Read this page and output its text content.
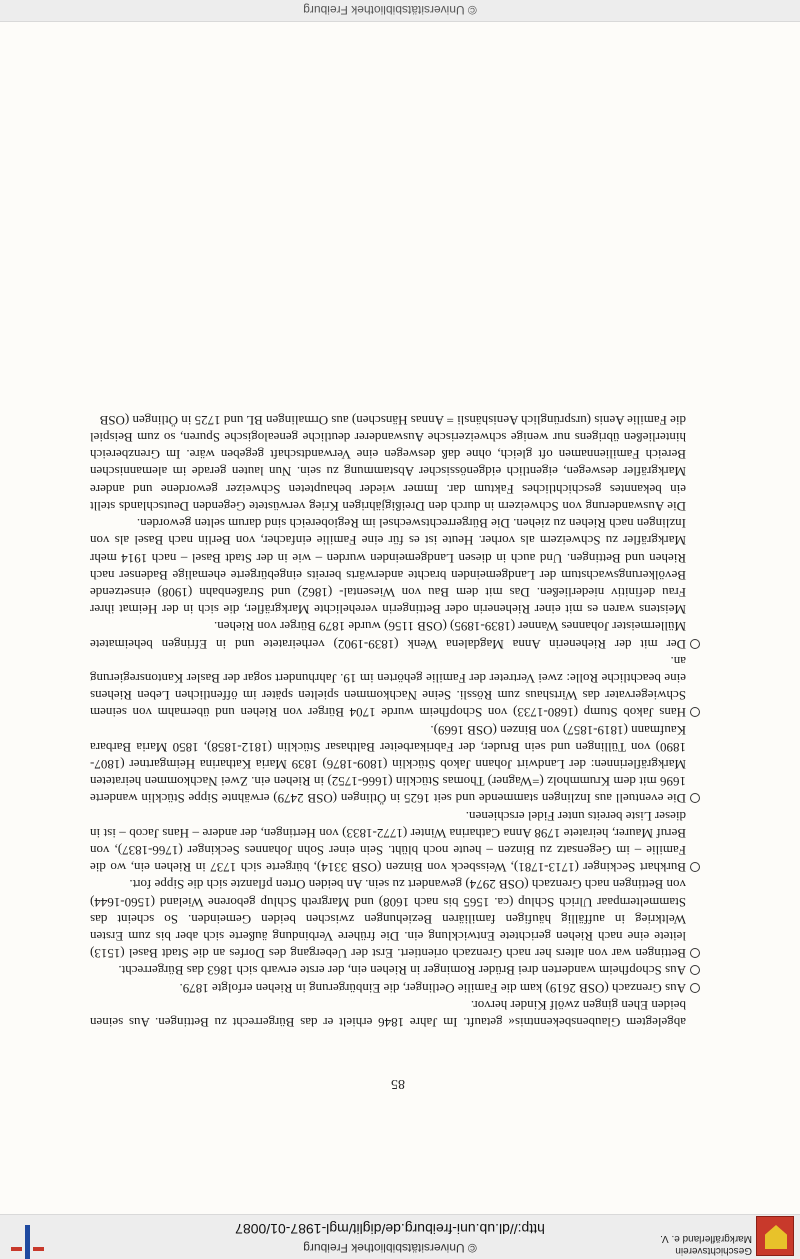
Geschichtsverein Markgräflerland e. V.
© Universitätsbibliothek Freiburg
http://dl.ub.uni-freiburg.de/diglit/mgl-1987-01/0087
85

abgelegtem Glaubensbekenntnis« getauft. Im Jahre 1846 erhielt er das Bürgerrecht zu Bettingen. Aus seinen beiden Ehen gingen zwölf Kinder hervor.

Aus Grenzach (OSB 2619) kam die Familie Oetlinger, die Einbürgerung in Riehen erfolgte 1879.

Aus Schopfheim wanderten drei Brüder Rominger in Riehen ein, der erste erwarb sich 1863 das Bürgerrecht.

Bettingen war von alters her nach Grenzach orientiert. Erst der Uebergang des Dorfes an die Stadt Basel (1513) leitete eine nach Riehen gerichtete Entwicklung ein. Die frühere Verbindung äußerte sich aber bis zum Ersten Weltkrieg in auffällig häufigen familiären Beziehungen zwischen beiden Gemeinden. So scheint das Stammelternpaar Ulrich Schlup (ca. 1565 bis nach 1608) und Margreth Schlup geborene Wieland (1560-1644) von Bettingen nach Grenzach (OSB 2974) gewandert zu sein. An beiden Orten pflanzte sich die Sippe fort.

Burkhart Seckinger (1713-1781), Weissbeck von Binzen (OSB 3314), bürgerte sich 1737 in Riehen ein, wo die Familie – im Gegensatz zu Binzen – heute noch blüht. Sein einer Sohn Johannes Seckinger (1766-1837), von Beruf Maurer, heiratete 1798 Anna Catharina Winter (1772-1833) von Hertingen, der andere – Hans Jacob – ist in dieser Liste bereits unter Fidel erschienen.

Die eventuell aus Inzlingen stammende und seit 1625 in Ötlingen (OSB 2479) erwähnte Sippe Stücklin wanderte 1696 mit dem Krummholz (=Wagner) Thomas Stücklin (1666-1752) in Riehen ein. Zwei Nachkommen heirateten Markgräflerinnen: der Landwirt Johann Jakob Stücklin (1809-1876) 1839 Maria Katharina Heimgartner (1807-1890) von Tüllingen und sein Bruder, der Fabrikarbeiter Balthasar Stücklin (1812-1858), 1850 Maria Barbara Kaufmann (1819-1857) von Binzen (OSB 1669).

Hans Jakob Stump (1680-1733) von Schopfheim wurde 1704 Bürger von Riehen und übernahm von seinem Schwiegervater das Wirtshaus zum Rössli. Seine Nachkommen spielten später im öffentlichen Leben Riehens eine beachtliche Rolle: zwei Vertreter der Familie gehörten im 19. Jahrhundert sogar der Basler Kantonsregierung an.

Der mit der Riehenerin Anna Magdalena Wenk (1839-1902) verheiratete und in Efringen beheimatete Müllermeister Johannes Wanner (1839-1895) (OSB 1156) wurde 1879 Bürger von Riehen.

Meistens waren es mit einer Riehenerin oder Bettingerin verehelichte Markgräfler, die sich in der Heimat ihrer Frau definitiv niederließen. Das mit dem Bau von Wiesental- (1862) und Straßenbahn (1908) einsetzende Bevölkerungswachstum der Landgemeinden brachte anderwärts bereits eingebürgerte ehemalige Badenser nach Riehen und Bettingen. Und auch in diesen Landgemeinden wurden – wie in der Stadt Basel – nach 1914 mehr Markgräfler zu Schweizern als vorher. Heute ist es für eine Familie einfacher, von Berlin nach Basel als von Inzlingen nach Riehen zu ziehen. Die Bürgerrechtswechsel im Regiobereich sind darum selten geworden.

Die Auswanderung von Schweizern in durch den Dreißigjährigen Krieg verwüstete Gegenden Deutschlands stellt ein bekanntes geschichtliches Faktum dar. Immer wieder behaupteten Schweizer gewordene und andere Markgräfler deswegen, eigentlich eidgenössischer Abstammung zu sein. Nun lauten gerade im alemannischen Bereich Familiennamen oft gleich, ohne daß deswegen eine Verwandtschaft gegeben wäre. Im Grenzbereich hinterließen übrigens nur wenige schweizerische Auswanderer deutliche genealogische Spuren, so zum Beispiel die Familie Aenis (ursprünglich Aenishänsli = Annas Hänschen) aus Ormalingen BL und 1725 in Ötlingen (OSB

© Universitätsbibliothek Freiburg
